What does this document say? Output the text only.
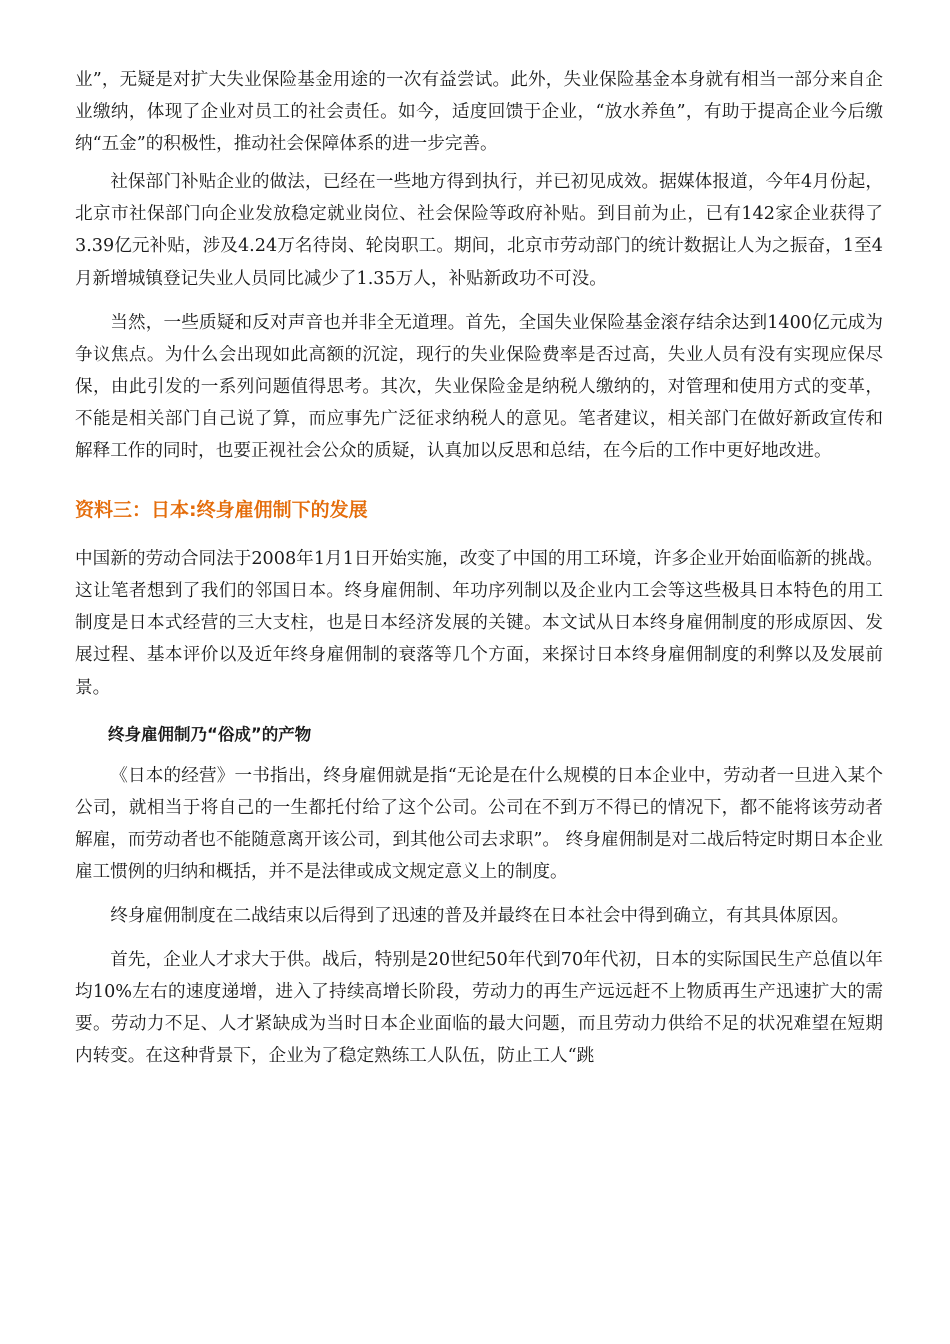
业”，无疑是对扩大失业保险基金用途的一次有益尝试。此外，失业保险基金本身就有相当一部分来自企业缴纳，体现了企业对员工的社会责任。如今，适度回馈于企业，“放水养鱼”，有助于提高企业今后缴纳“五金”的积极性，推动社会保障体系的进一步完善。

社保部门补贴企业的做法，已经在一些地方得到执行，并已初见成效。据媒体报道，今年4月份起，北京市社保部门向企业发放稳定就业岗位、社会保险等政府补贴。到目前为止，已有142家企业获得了3.39亿元补贴，涉及4.24万名待岗、轮岗职工。期间，北京市劳动部门的统计数据让人为之振奋，1至4月新增城镇登记失业人员同比减少了1.35万人，补贴新政功不可没。

当然，一些质疑和反对声音也并非全无道理。首先，全国失业保险基金滚存结余达到1400亿元成为争议焦点。为什么会出现如此高额的沉淀，现行的失业保险费率是否过高，失业人员有没有实现应保尽保，由此引发的一系列问题值得思考。其次，失业保险金是纳税人缴纳的，对管理和使用方式的变革，不能是相关部门自己说了算，而应事先广泛征求纳税人的意见。笔者建议，相关部门在做好新政宣传和解释工作的同时，也要正视社会公众的质疑，认真加以反思和总结，在今后的工作中更好地改进。

资料三：日本:终身雇佣制下的发展

中国新的劳动合同法于2008年1月1日开始实施，改变了中国的用工环境，许多企业开始面临新的挑战。这让笔者想到了我们的邻国日本。终身雇佣制、年功序列制以及企业内工会等这些极具日本特色的用工制度是日本式经营的三大支柱，也是日本经济发展的关键。本文试从日本终身雇佣制度的形成原因、发展过程、基本评价以及近年终身雇佣制的衰落等几个方面，来探讨日本终身雇佣制度的利弊以及发展前景。

终身雇佣制乃“俗成”的产物

《日本的经营》一书指出，终身雇佣就是指“无论是在什么规模的日本企业中，劳动者一旦进入某个公司，就相当于将自己的一生都托付给了这个公司。公司在不到万不得已的情况下，都不能将该劳动者解雇，而劳动者也不能随意离开该公司，到其他公司去求职”。 终身雇佣制是对二战后特定时期日本企业雇工惯例的归纳和概括，并不是法律或成文规定意义上的制度。

终身雇佣制度在二战结束以后得到了迅速的普及并最终在日本社会中得到确立，有其具体原因。

首先，企业人才求大于供。战后，特别是20世纪50年代到70年代初，日本的实际国民生产总值以年均10%左右的速度递增，进入了持续高增长阶段，劳动力的再生产远远赶不上物质再生产迅速扩大的需要。劳动力不足、人才紧缺成为当时日本企业面临的最大问题，而且劳动力供给不足的状况难望在短期内转变。在这种背景下，企业为了稳定熟练工人队伍，防止工人“跳
